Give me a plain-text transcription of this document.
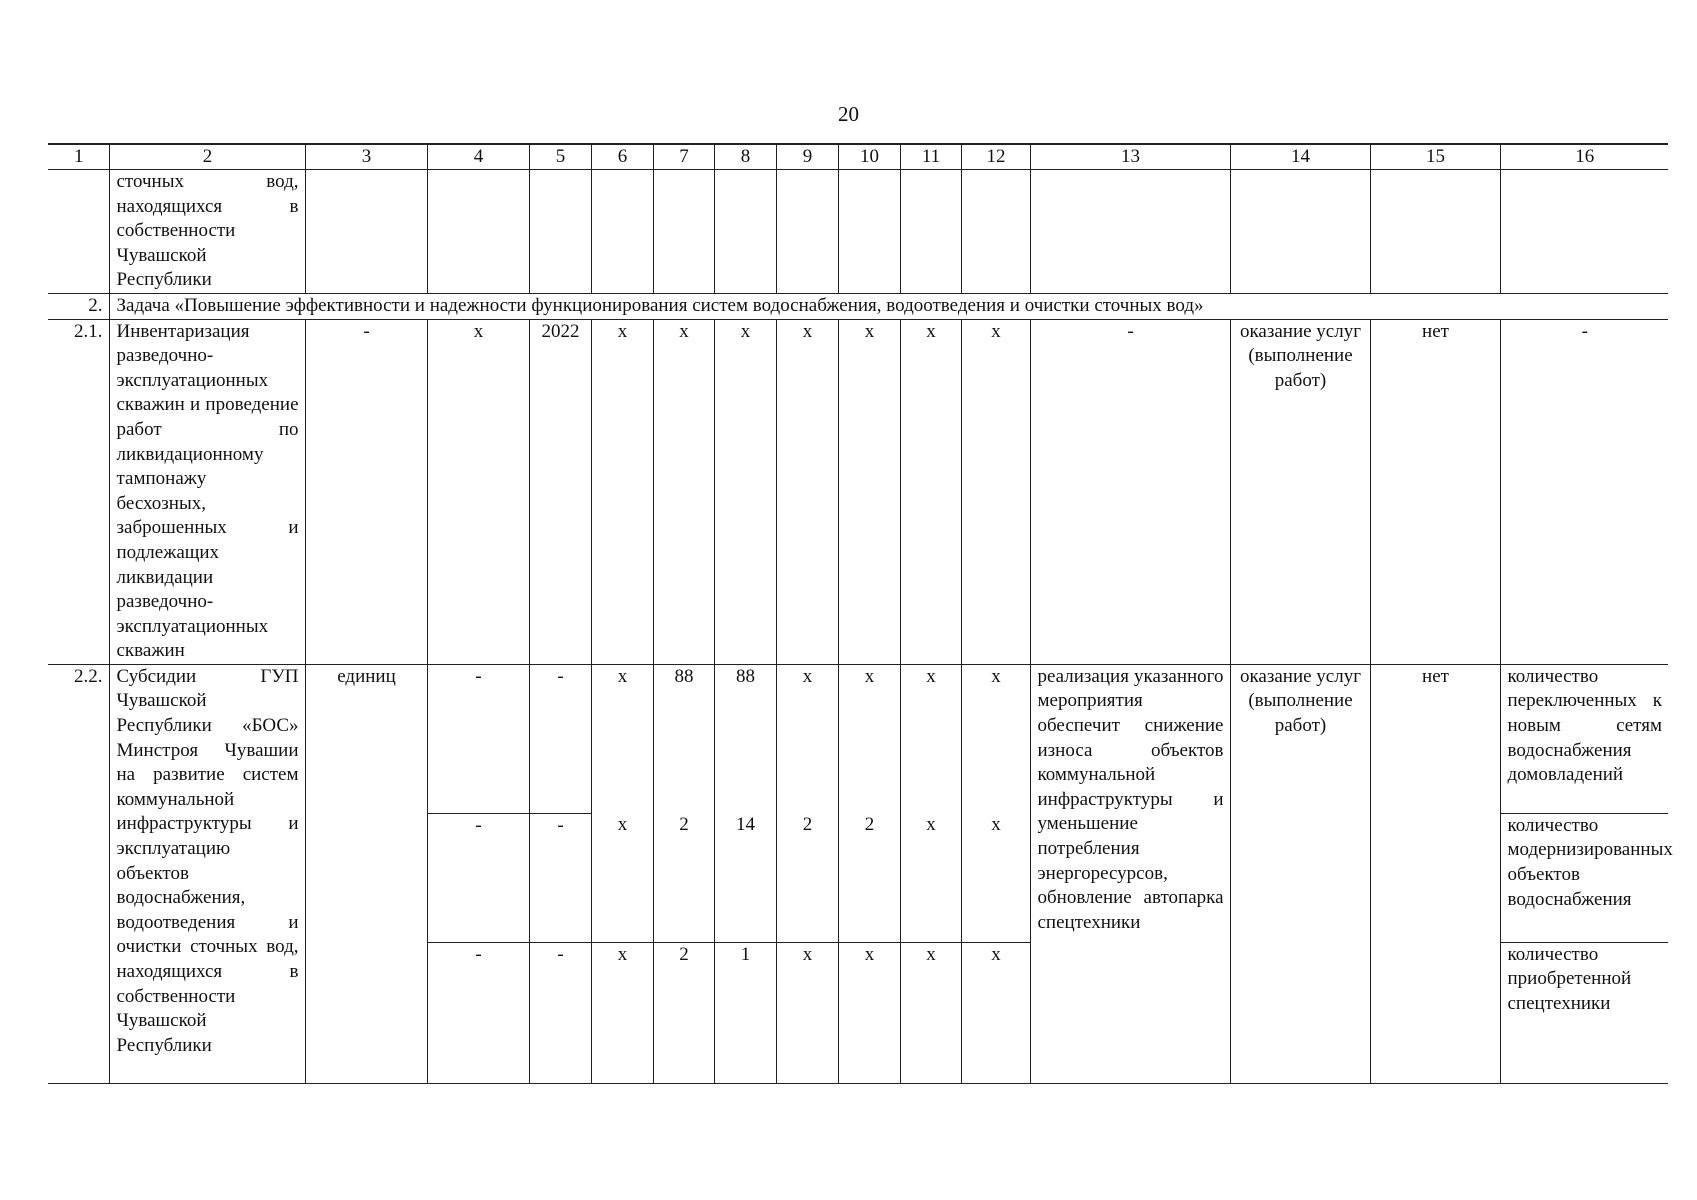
20
1	2	3	4	5	6	7	8	9	10	11	12	13	14	15	16
	сточных вод, находящихся в собственности Чувашской Республики														
2.	Задача «Повышение эффективности и надежности функционирования систем водоснабжения, водоотведения и очистки сточных вод»														
2.1.	Инвентаризация разведочно-эксплуатационных скважин и проведение работ по ликвидационному тампонажу бесхозных, заброшенных и подлежащих ликвидации разведочно-эксплуатационных скважин	-	х	2022	х	х	х	х	х	х	х	-	оказание услуг (выполнение работ)	нет	-
2.2.	Субсидии ГУП Чувашской Республики «БОС» Минстроя Чувашии на развитие систем коммунальной инфраструктуры и эксплуатацию объектов водоснабжения, водоотведения и очистки сточных вод, находящихся в собственности Чувашской Республики	единиц	-	-	х	88	88	х	х	х	х	реализация указанного мероприятия обеспечит снижение износа объектов коммунальной инфраструктуры и уменьшение потребления энергоресурсов, обновление автопарка спецтехники	оказание услуг (выполнение работ)	нет	количество переключенных к новым сетям водоснабжения домовладений
			-	-	х	2	14	2	2	х	х				количество модернизированных объектов водоснабжения
			-	-	х	2	1	х	х	х	х				количество приобретенной спецтехники
